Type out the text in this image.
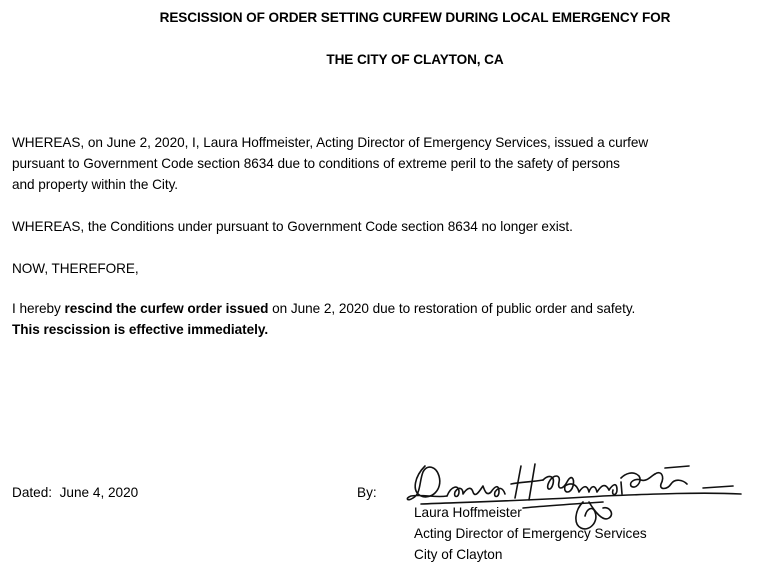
RESCISSION OF ORDER SETTING CURFEW DURING LOCAL EMERGENCY FOR
THE CITY OF CLAYTON, CA
WHEREAS, on June 2, 2020, I, Laura Hoffmeister, Acting Director of Emergency Services, issued a curfew
pursuant to Government Code section 8634 due to conditions of extreme peril to the safety of persons
and property within the City.
WHEREAS, the Conditions under pursuant to Government Code section 8634 no longer exist.
NOW, THEREFORE,
I hereby rescind the curfew order issued on June 2, 2020 due to restoration of public order and safety.
This rescission is effective immediately.
Dated: June 4, 2020	By:
Laura Hoffmeister
Acting Director of Emergency Services
City of Clayton
